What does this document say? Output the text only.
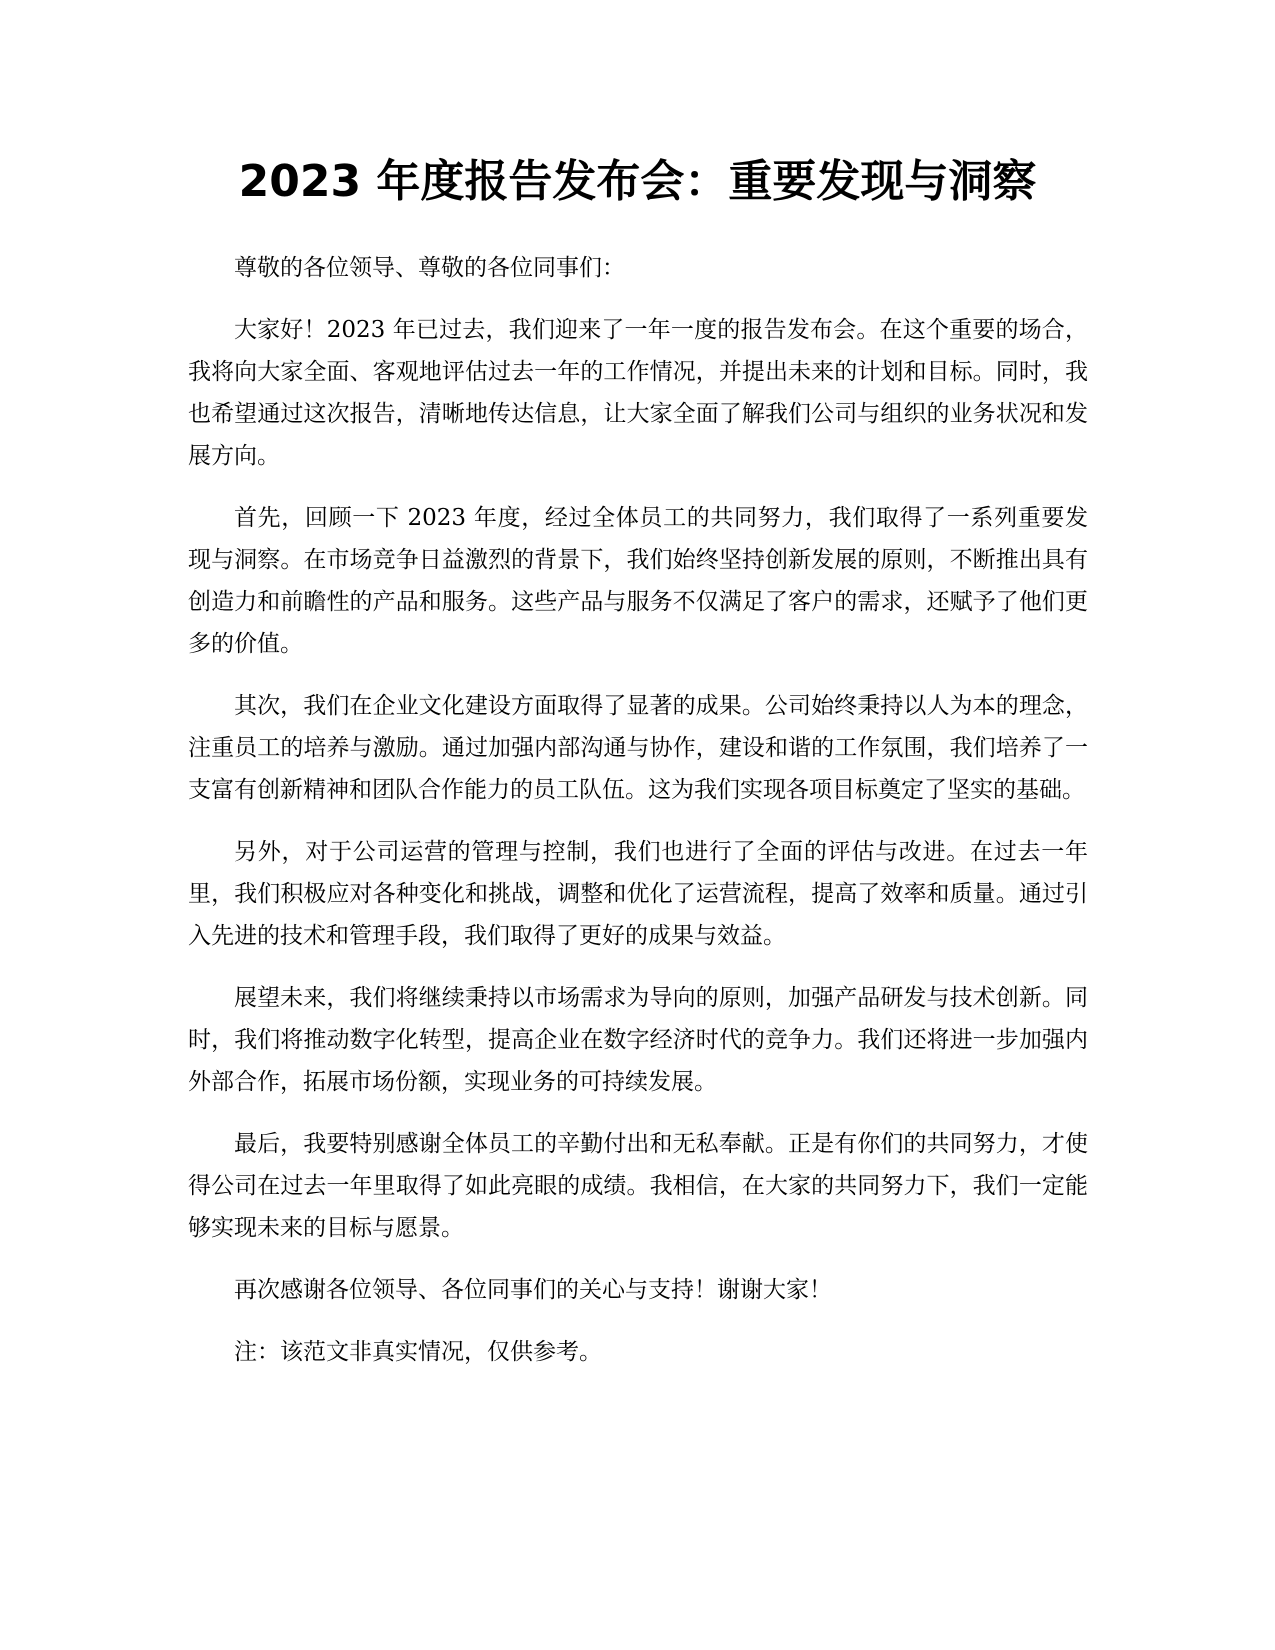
2023 年度报告发布会：重要发现与洞察

尊敬的各位领导、尊敬的各位同事们：

大家好！2023 年已过去，我们迎来了一年一度的报告发布会。在这个重要的场合，我将向大家全面、客观地评估过去一年的工作情况，并提出未来的计划和目标。同时，我也希望通过这次报告，清晰地传达信息，让大家全面了解我们公司与组织的业务状况和发展方向。

首先，回顾一下 2023 年度，经过全体员工的共同努力，我们取得了一系列重要发现与洞察。在市场竞争日益激烈的背景下，我们始终坚持创新发展的原则，不断推出具有创造力和前瞻性的产品和服务。这些产品与服务不仅满足了客户的需求，还赋予了他们更多的价值。

其次，我们在企业文化建设方面取得了显著的成果。公司始终秉持以人为本的理念，注重员工的培养与激励。通过加强内部沟通与协作，建设和谐的工作氛围，我们培养了一支富有创新精神和团队合作能力的员工队伍。这为我们实现各项目标奠定了坚实的基础。

另外，对于公司运营的管理与控制，我们也进行了全面的评估与改进。在过去一年里，我们积极应对各种变化和挑战，调整和优化了运营流程，提高了效率和质量。通过引入先进的技术和管理手段，我们取得了更好的成果与效益。

展望未来，我们将继续秉持以市场需求为导向的原则，加强产品研发与技术创新。同时，我们将推动数字化转型，提高企业在数字经济时代的竞争力。我们还将进一步加强内外部合作，拓展市场份额，实现业务的可持续发展。

最后，我要特别感谢全体员工的辛勤付出和无私奉献。正是有你们的共同努力，才使得公司在过去一年里取得了如此亮眼的成绩。我相信，在大家的共同努力下，我们一定能够实现未来的目标与愿景。

再次感谢各位领导、各位同事们的关心与支持！谢谢大家！

注：该范文非真实情况，仅供参考。
